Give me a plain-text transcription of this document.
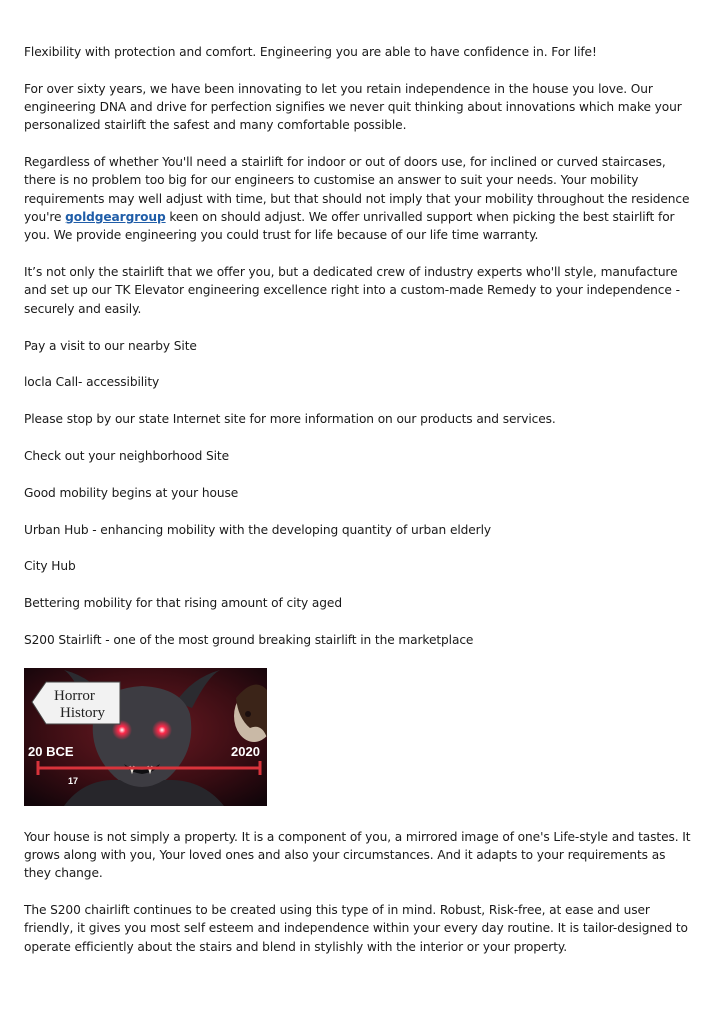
Flexibility with protection and comfort. Engineering you are able to have confidence in. For life!

For over sixty years, we have been innovating to let you retain independence in the house you love. Our engineering DNA and drive for perfection signifies we never quit thinking about innovations which make your personalized stairlift the safest and many comfortable possible.

Regardless of whether You'll need a stairlift for indoor or out of doors use, for inclined or curved staircases, there is no problem too big for our engineers to customise an answer to suit your needs. Your mobility requirements may well adjust with time, but that should not imply that your mobility throughout the residence you're goldgeargroup keen on should adjust. We offer unrivalled support when picking the best stairlift for you. We provide engineering you could trust for life because of our life time warranty.

It’s not only the stairlift that we offer you, but a dedicated crew of industry experts who'll style, manufacture and set up our TK Elevator engineering excellence right into a custom-made Remedy to your independence - securely and easily.

Pay a visit to our nearby Site

locla Call- accessibility

Please stop by our state Internet site for more information on our products and services.

Check out your neighborhood Site

Good mobility begins at your house

Urban Hub - enhancing mobility with the developing quantity of urban elderly

City Hub

Bettering mobility for that rising amount of city aged

S200 Stairlift - one of the most ground breaking stairlift in the marketplace

Horror
History
20 BCE	2020
17

Your house is not simply a property. It is a component of you, a mirrored image of one's Life-style and tastes. It grows along with you, Your loved ones and also your circumstances. And it adapts to your requirements as they change.

The S200 chairlift continues to be created using this type of in mind. Robust, Risk-free, at ease and user friendly, it gives you most self esteem and independence within your every day routine. It is tailor-designed to operate efficiently about the stairs and blend in stylishly with the interior or your property.
